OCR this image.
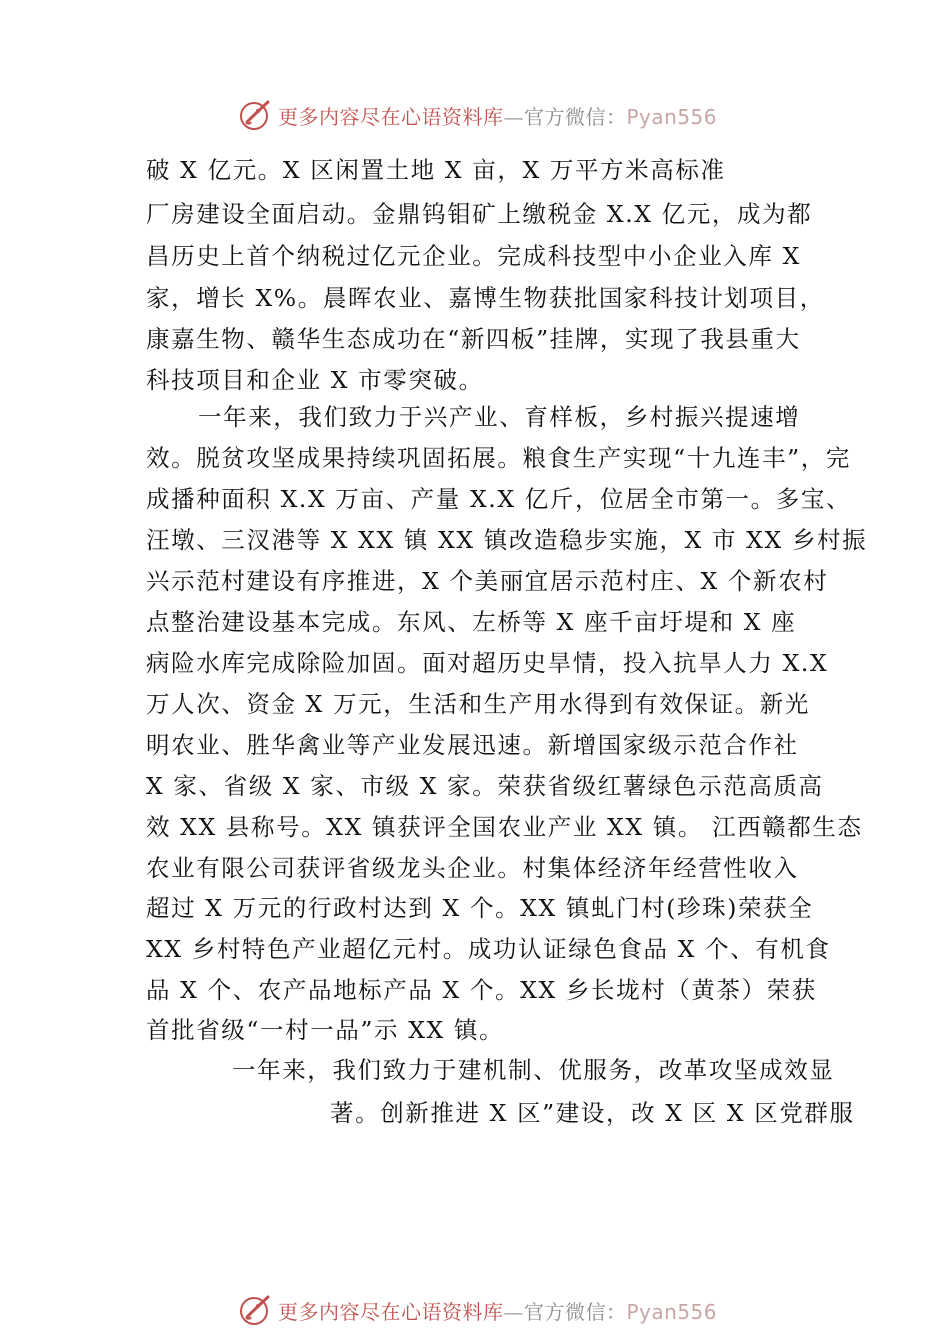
更多内容尽在心语资料库—官方微信：Pyan556
破 X 亿元。X 区闲置土地 X 亩，X 万平方米高标准
厂房建设全面启动。金鼎钨钼矿上缴税金 X.X 亿元，成为都
昌历史上首个纳税过亿元企业。完成科技型中小企业入库 X
家，增长 X%。晨晖农业、嘉博生物获批国家科技计划项目，
康嘉生物、赣华生态成功在“新四板”挂牌，实现了我县重大
科技项目和企业 X 市零突破。
一年来，我们致力于兴产业、育样板，乡村振兴提速增
效。脱贫攻坚成果持续巩固拓展。粮食生产实现“十九连丰”，完
成播种面积 X.X 万亩、产量 X.X 亿斤，位居全市第一。多宝、
汪墩、三汊港等 X XX 镇 XX 镇改造稳步实施，X 市 XX 乡村振
兴示范村建设有序推进，X 个美丽宜居示范村庄、X 个新农村
点整治建设基本完成。东风、左桥等 X 座千亩圩堤和 X 座
病险水库完成除险加固。面对超历史旱情，投入抗旱人力 X.X
万人次、资金 X 万元，生活和生产用水得到有效保证。新光
明农业、胜华禽业等产业发展迅速。新增国家级示范合作社
X 家、省级 X 家、市级 X 家。荣获省级红薯绿色示范高质高
效 XX 县称号。XX 镇获评全国农业产业 XX 镇。 江西赣都生态
农业有限公司获评省级龙头企业。村集体经济年经营性收入
超过 X 万元的行政村达到 X 个。XX 镇虬门村(珍珠)荣获全
XX 乡村特色产业超亿元村。成功认证绿色食品 X 个、有机食
品 X 个、农产品地标产品 X 个。XX 乡长垅村（黄茶）荣获
首批省级“一村一品”示 XX 镇。
一年来，我们致力于建机制、优服务，改革攻坚成效显
著。创新推进 X 区”建设，改 X 区 X 区党群服
更多内容尽在心语资料库—官方微信：Pyan556
